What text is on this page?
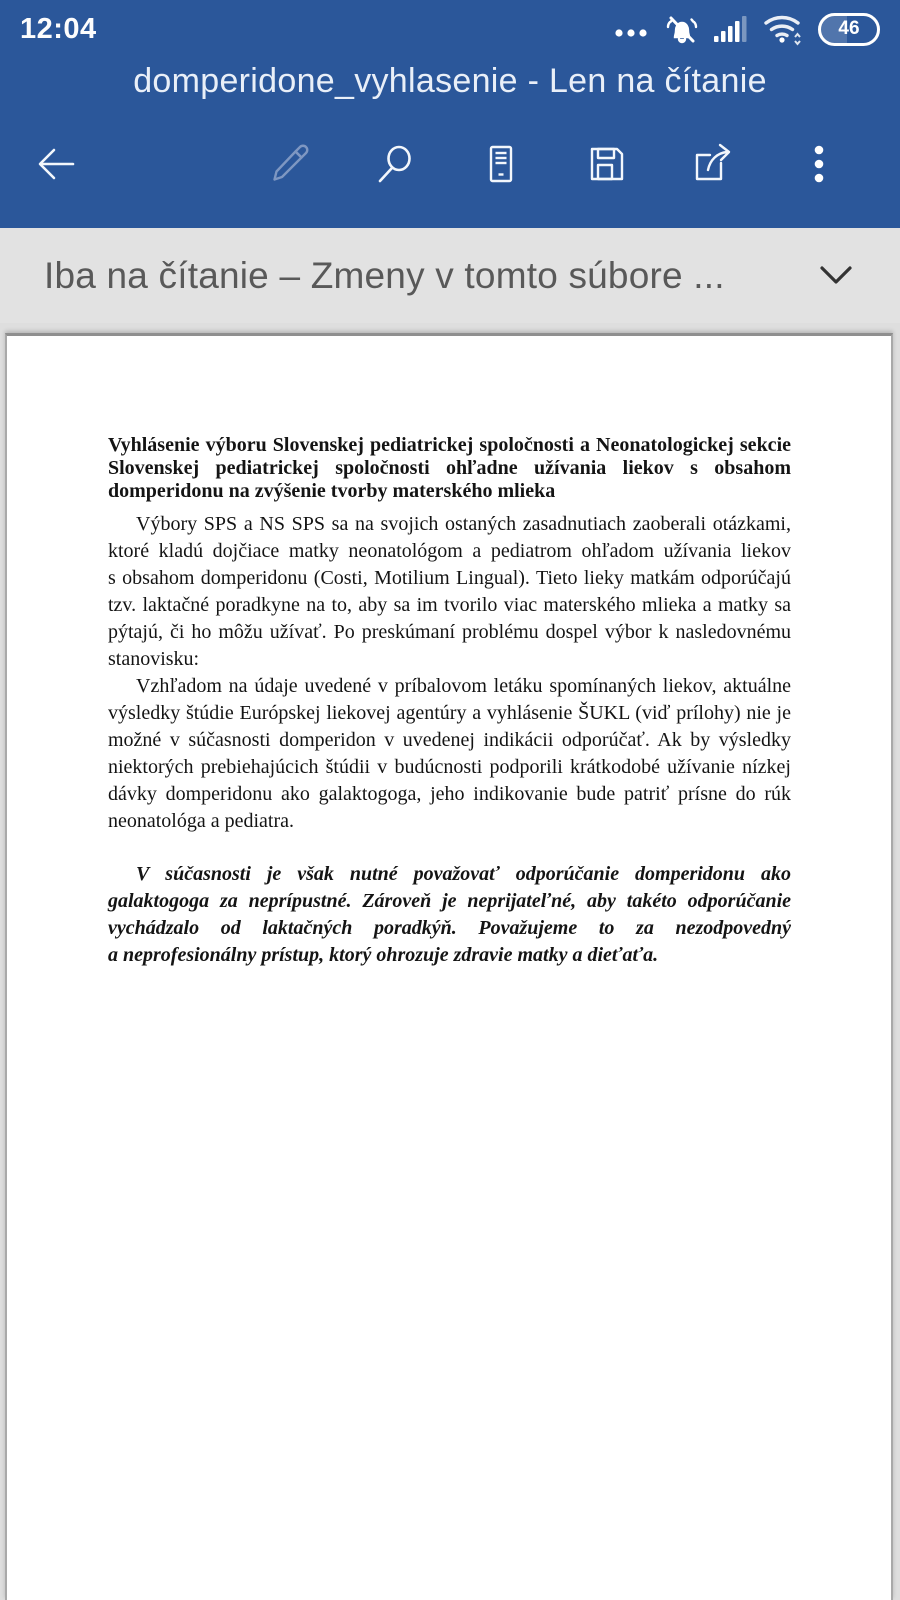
12:04	46
domperidone_vyhlasenie - Len na čítanie
Iba na čítanie – Zmeny v tomto súbore ...

Vyhlásenie výboru Slovenskej pediatrickej spoločnosti a Neonatologickej sekcie Slovenskej pediatrickej spoločnosti ohľadne užívania liekov s obsahom domperidonu na zvýšenie tvorby materského mlieka

Výbory SPS a NS SPS sa na svojich ostaných zasadnutiach zaoberali otázkami, ktoré kladú dojčiace matky neonatológom a pediatrom ohľadom užívania liekov s obsahom domperidonu (Costi, Motilium Lingual). Tieto lieky matkám odporúčajú tzv. laktačné poradkyne na to, aby sa im tvorilo viac materského mlieka a matky sa pýtajú, či ho môžu užívať. Po preskúmaní problému dospel výbor k nasledovnému stanovisku:

Vzhľadom na údaje uvedené v príbalovom letáku spomínaných liekov, aktuálne výsledky štúdie Európskej liekovej agentúry a vyhlásenie ŠUKL (viď prílohy) nie je možné v súčasnosti domperidon v uvedenej indikácii odporúčať. Ak by výsledky niektorých prebiehajúcich štúdii v budúcnosti podporili krátkodobé užívanie nízkej dávky domperidonu ako galaktogoga, jeho indikovanie bude patriť prísne do rúk neonatológa a pediatra.

V súčasnosti je však nutné považovať odporúčanie domperidonu ako galaktogoga za neprípustné. Zároveň je neprijateľné, aby takéto odporúčanie vychádzalo od laktačných poradkýň. Považujeme to za nezodpovedný a neprofesionálny prístup, ktorý ohrozuje zdravie matky a dieťaťa.
